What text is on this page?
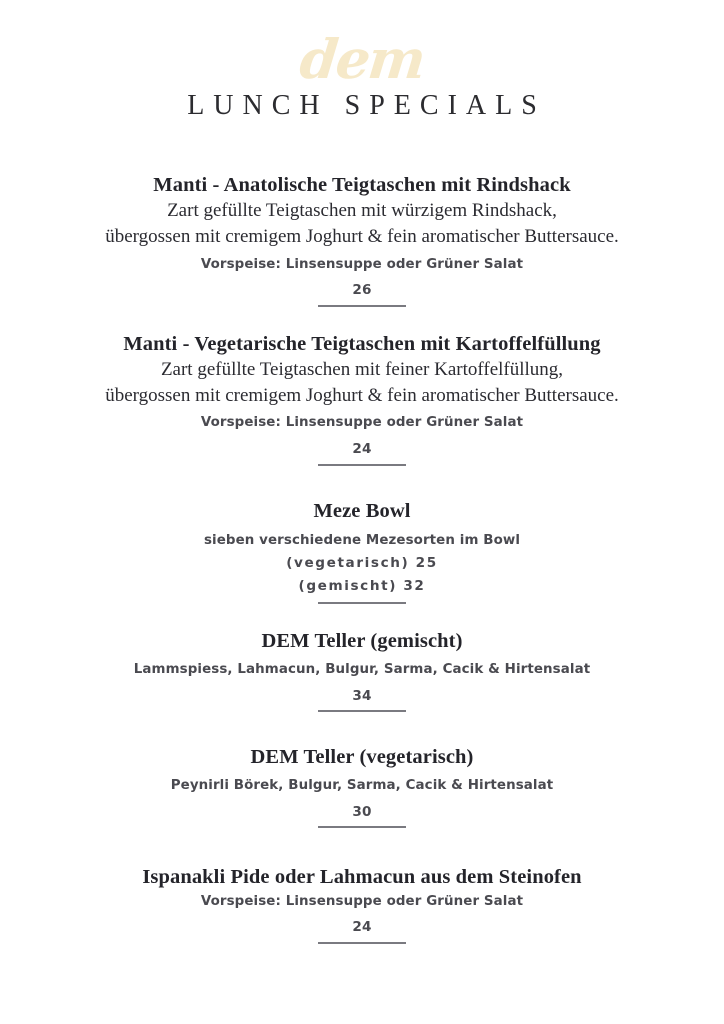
dem
LUNCH SPECIALS
Manti - Anatolische Teigtaschen mit Rindshack

Zart gefüllte Teigtaschen mit würzigem Rindshack,

übergossen mit cremigem Joghurt & fein aromatischer Buttersauce.

Vorspeise: Linsensuppe oder Grüner Salat

26

Manti - Vegetarische Teigtaschen mit Kartoffelfüllung

Zart gefüllte Teigtaschen mit feiner Kartoffelfüllung,

übergossen mit cremigem Joghurt & fein aromatischer Buttersauce.

Vorspeise: Linsensuppe oder Grüner Salat

24

Meze Bowl

sieben verschiedene Mezesorten im Bowl

(vegetarisch) 25

(gemischt) 32

DEM Teller (gemischt)

Lammspiess, Lahmacun, Bulgur, Sarma, Cacik & Hirtensalat

34

DEM Teller (vegetarisch)

Peynirli Börek, Bulgur, Sarma, Cacik & Hirtensalat

30

Ispanakli Pide oder Lahmacun aus dem Steinofen

Vorspeise: Linsensuppe oder Grüner Salat

24
